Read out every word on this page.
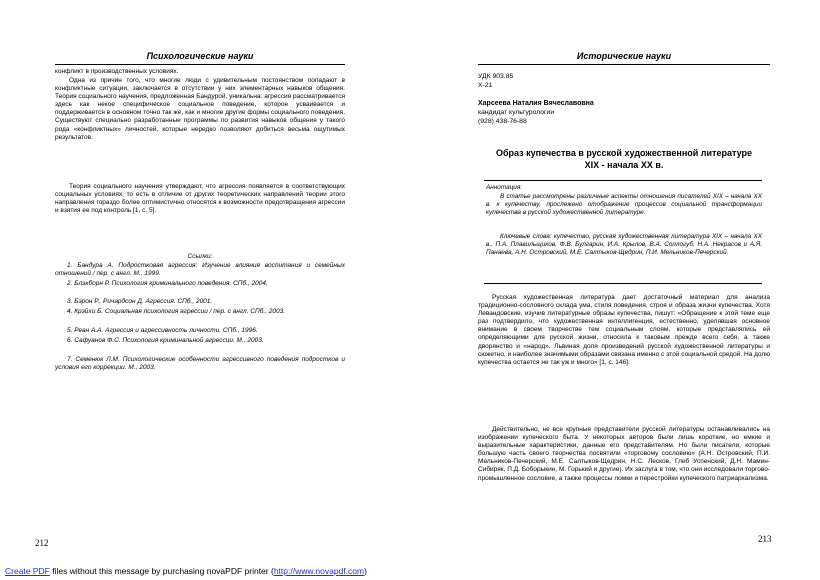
Психологические науки

конфликт в производственных условиях.

Одна из причин того, что многие люди с удивительным постоянством попадают в конфликтные ситуации, заключается в отсутствии у них элементарных навыков общения. Теория социального научения, предложенная Бандурой, уникальна: агрессия рассматривается здесь как некое специфическое социальное поведение, которое усваивается и поддерживается в основном точно так же, как и многие другие формы социального поведения. Существуют специально разработанные программы по развития навыков общения у такого рода «конфликтных» личностей, которые нередко позволяют добиться весьма ощутимых результатов.

Теория социального научения утверждают, что агрессия появляется в соответствующих социальных условиях, то есть в отличие от других теоретических направлений теории этого направления гораздо более оптимистично относятся к возможности предотвращения агрессии и взятия ее под контроль [1, с. 5].

Ссылки:

1. Бандура А. Подростковая агрессия: Изучение влияния воспитания и семейных отношений / пер. с англ. М., 1999.

2. Блэкборн Р. Психология криминального поведения. СПб., 2004.

3. Бэрон Р., Ричардсон Д. Агрессия. СПб., 2001.

4. Крэйхи Б. Социальная психология агрессии / пер. с англ. СПб., 2003.

5. Реан А.А. Агрессия и агрессивность личности. СПб., 1996.

6. Сафуанов Ф.С. Психология криминальной агрессии. М., 2003.

7. Семенюк Л.М. Психологические особенности агрессивного поведения подростков и условия его коррекции. М., 2003.

212
Исторические науки

УДК 903.85

Х-21

Харсеева Наталия Вячеславовна

кандидат культурологии

(928) 438-76-88

Образ купечества в русской художественной литературе XIX - начала XX в.

Аннотация:

В статье рассмотрены различные аспекты отношения писателей XIX – начала XX в. к купечеству, прослежено отображение процессов социальной трансформации купечества в русской художественной литературе.

Ключевые слова: купечество, русская художественная литература XIX – начала XX в., П.А. Плавильщиков, Ф.В. Булгарин, И.А. Крылов, В.А. Соллогуб, Н.А. Некрасов и А.Я. Панаева, А.Н. Островский, М.Е. Салтыков-Щедрин, П.И. Мельников-Печерский.

Русская художественная литература дает достаточный материал для анализа традиционно-сословного склада ума, стиля поведения, строя и образа жизни купечества. Хотя Левандовские, изучив литературные образы купечества, пишут: «Обращение к этой теме еще раз подтвердило, что художественная интеллигенция, естественно, уделявшая основное внимание в своем творчестве тем социальным слоям, которые представлялись ей определяющими для русской жизни, относила к таковым прежде всего себя, а также дворянство и «народ». Львиная доля произведений русской художественной литературы и сюжетно, и наиболее значимыми образами связана именно с этой социальной средой. На долю купечества остается не так уж и много» [1, с. 146].

Действительно, не все крупные представители русской литературы останавливались на изображении купеческого быта. У некоторых авторов были лишь короткие, но емкие и выразительные характеристики, данные его представителям. Но были писатели, которые большую часть своего творчества посвятили «торговому сословию» (А.Н. Островский, П.И. Мельников-Печерский, М.Е. Салтыков-Щедрин, Н.С. Лесков, Глеб Успенский, Д.Н. Мамин-Сибиряк, П.Д. Боборыкин, М. Горький и другие). Их заслуга в том, что они исследовали торгово-промышленное сословие, а также процессы ломки и перестройки купеческого патриархализма.

213
Create PDF files without this message by purchasing novaPDF printer (http://www.novapdf.com)
